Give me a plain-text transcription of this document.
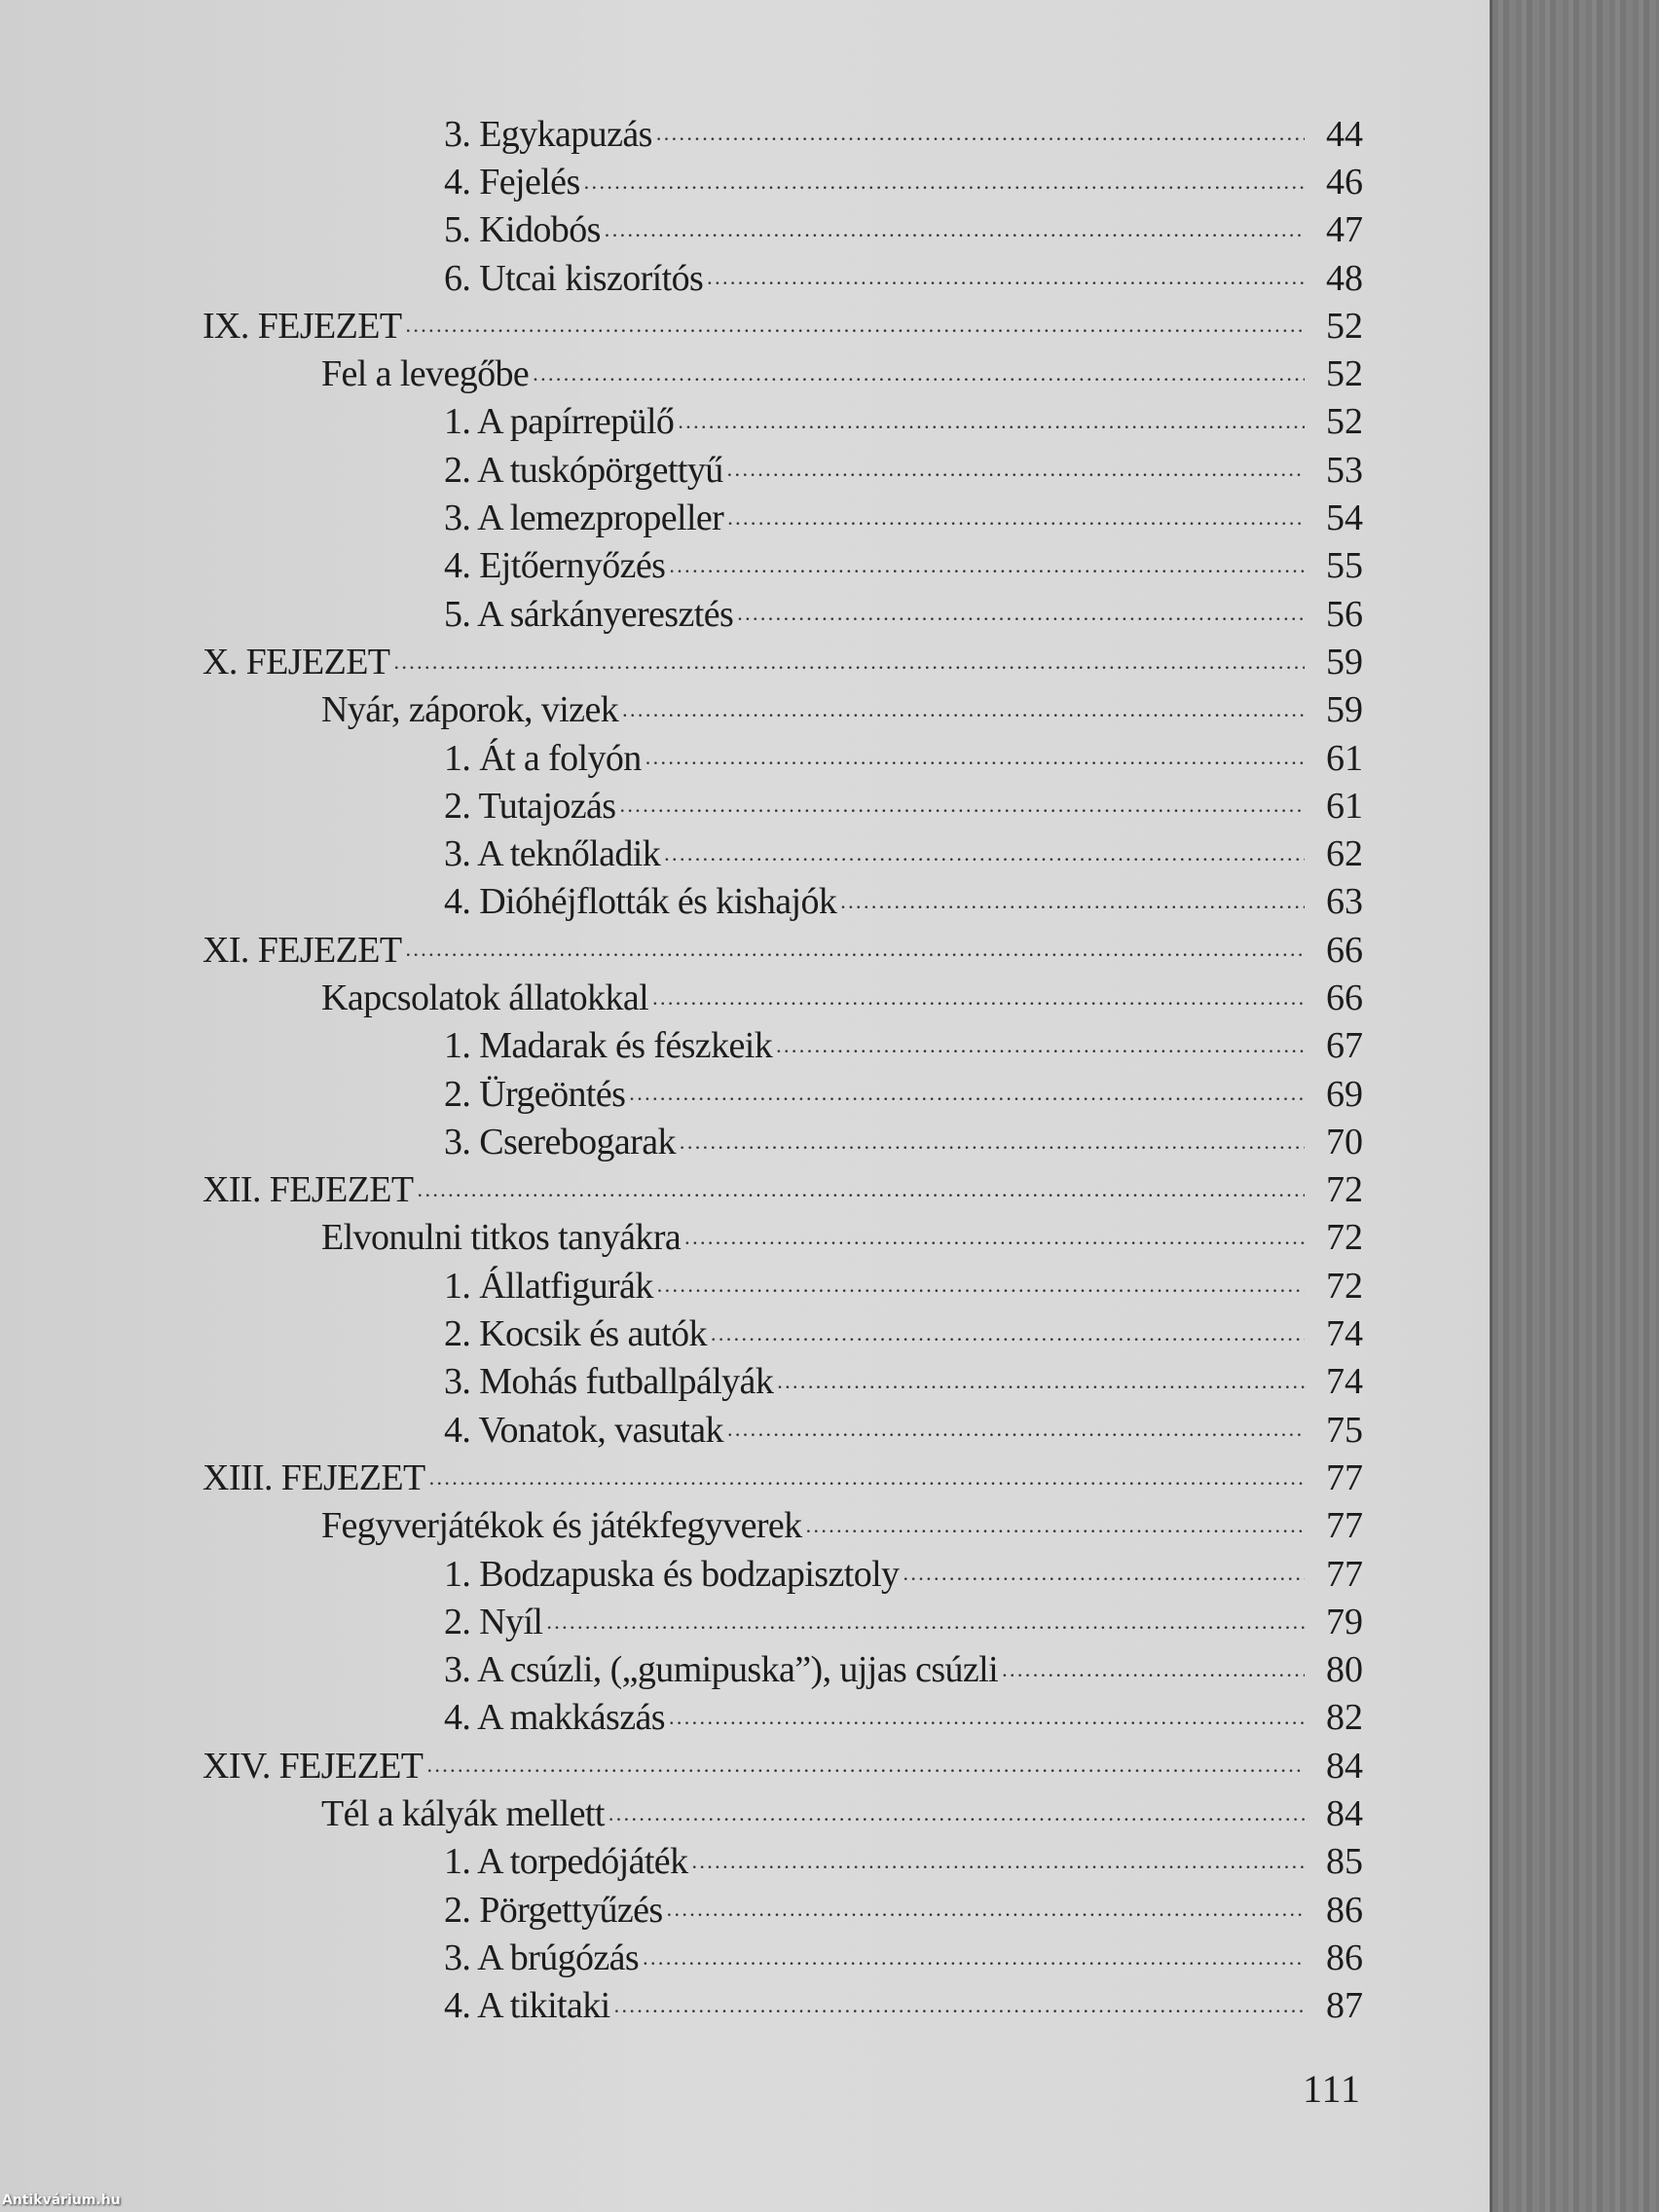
3. Egykapuzás .....	44
4. Fejelés .....	46
5. Kidobós .....	47
6. Utcai kiszorítós .....	48
IX. FEJEZET .....	52
Fel a levegőbe .....	52
1. A papírrepülő .....	52
2. A tuskópörgettyű .....	53
3. A lemezpropeller .....	54
4. Ejtőernyőzés .....	55
5. A sárkányeresztés .....	56
X. FEJEZET .....	59
Nyár, záporok, vizek .....	59
1. Át a folyón .....	61
2. Tutajozás .....	61
3. A teknőladik .....	62
4. Dióhéjflották és kishajók .....	63
XI. FEJEZET .....	66
Kapcsolatok állatokkal .....	66
1. Madarak és fészkeik .....	67
2. Ürgeöntés .....	69
3. Cserebogarak .....	70
XII. FEJEZET .....	72
Elvonulni titkos tanyákra .....	72
1. Állatfigurák .....	72
2. Kocsik és autók .....	74
3. Mohás futballpályák .....	74
4. Vonatok, vasutak .....	75
XIII. FEJEZET .....	77
Fegyverjátékok és játékfegyverek .....	77
1. Bodzapuska és bodzapisztoly .....	77
2. Nyíl .....	79
3. A csúzli, („gumipuska”), ujjas csúzli .....	80
4. A makkászás .....	82
XIV. FEJEZET .....	84
Tél a kályák mellett .....	84
1. A torpedójáték .....	85
2. Pörgettyűzés .....	86
3. A brúgózás .....	86
4. A tikitaki .....	87
111
Antikvárium.hu
